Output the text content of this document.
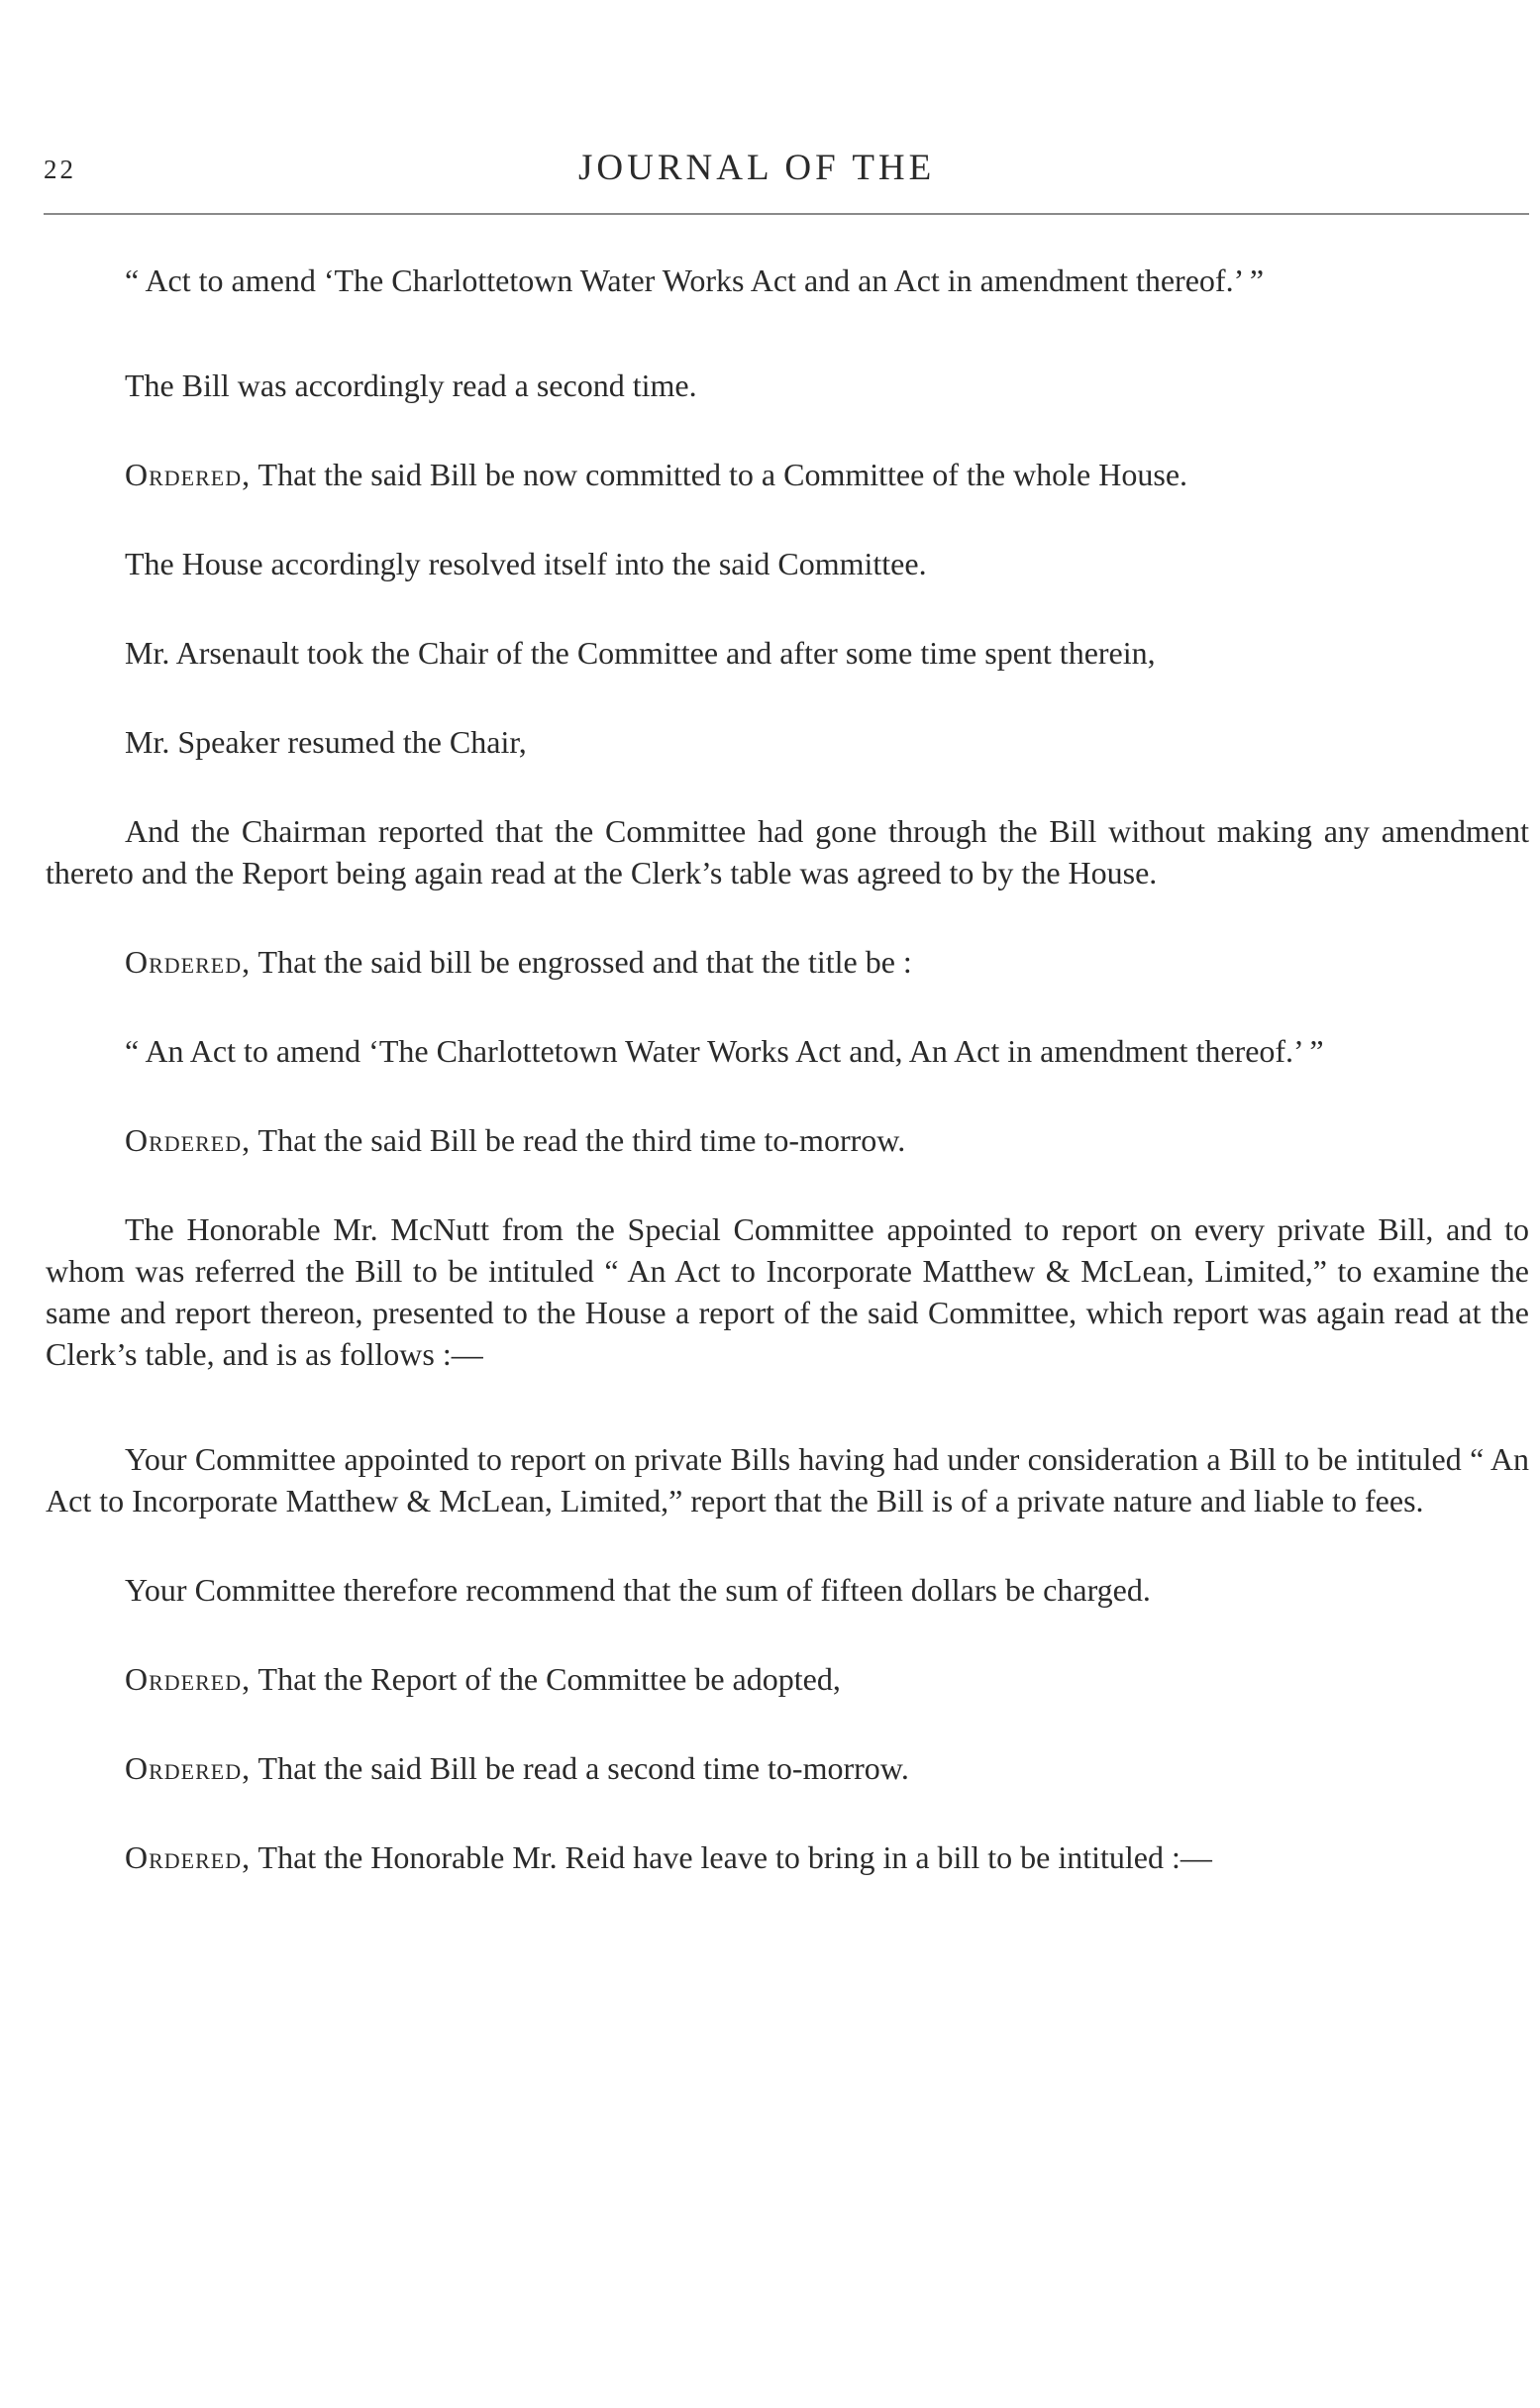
22	JOURNAL OF THE

“ Act to amend ‘The Charlottetown Water Works Act and an Act in amendment thereof.’ ”

The Bill was accordingly read a second time.

Ordered, That the said Bill be now committed to a Committee of the whole House.

The House accordingly resolved itself into the said Committee.

Mr. Arsenault took the Chair of the Committee and after some time spent therein,

Mr. Speaker resumed the Chair,

And the Chairman reported that the Committee had gone through the Bill without making any amendment thereto and the Report being again read at the Clerk’s table was agreed to by the House.

Ordered, That the said bill be engrossed and that the title be :

“ An Act to amend ‘The Charlottetown Water Works Act and, An Act in amendment thereof.’ ”

Ordered, That the said Bill be read the third time to-morrow.

The Honorable Mr. McNutt from the Special Committee appointed to report on every private Bill, and to whom was referred the Bill to be intituled “ An Act to Incorporate Matthew & McLean, Limited,” to examine the same and report thereon, presented to the House a report of the said Committee, which report was again read at the Clerk’s table, and is as follows :—

Your Committee appointed to report on private Bills having had under consideration a Bill to be intituled “ An Act to Incorporate Matthew & McLean, Limited,” report that the Bill is of a private nature and liable to fees.

Your Committee therefore recommend that the sum of fifteen dollars be charged.

Ordered, That the Report of the Committee be adopted,

Ordered, That the said Bill be read a second time to-morrow.

Ordered, That the Honorable Mr. Reid have leave to bring in a bill to be intituled :—
